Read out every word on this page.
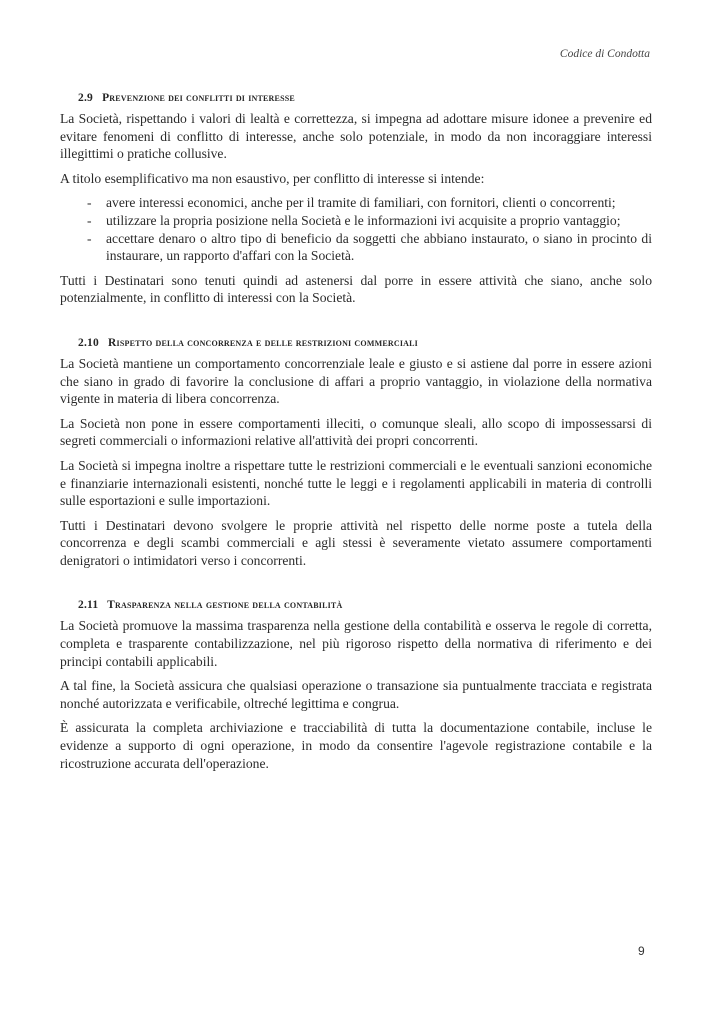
Codice di Condotta
2.9 Prevenzione dei conflitti di interesse

La Società, rispettando i valori di lealtà e correttezza, si impegna ad adottare misure idonee a prevenire ed evitare fenomeni di conflitto di interesse, anche solo potenziale, in modo da non incoraggiare interessi illegittimi o pratiche collusive.

A titolo esemplificativo ma non esaustivo, per conflitto di interesse si intende:

- avere interessi economici, anche per il tramite di familiari, con fornitori, clienti o concorrenti;
- utilizzare la propria posizione nella Società e le informazioni ivi acquisite a proprio vantaggio;
- accettare denaro o altro tipo di beneficio da soggetti che abbiano instaurato, o siano in procinto di instaurare, un rapporto d'affari con la Società.

Tutti i Destinatari sono tenuti quindi ad astenersi dal porre in essere attività che siano, anche solo potenzialmente, in conflitto di interessi con la Società.

2.10 Rispetto della concorrenza e delle restrizioni commerciali

La Società mantiene un comportamento concorrenziale leale e giusto e si astiene dal porre in essere azioni che siano in grado di favorire la conclusione di affari a proprio vantaggio, in violazione della normativa vigente in materia di libera concorrenza.

La Società non pone in essere comportamenti illeciti, o comunque sleali, allo scopo di impossessarsi di segreti commerciali o informazioni relative all'attività dei propri concorrenti.

La Società si impegna inoltre a rispettare tutte le restrizioni commerciali e le eventuali sanzioni economiche e finanziarie internazionali esistenti, nonché tutte le leggi e i regolamenti applicabili in materia di controlli sulle esportazioni e sulle importazioni.

Tutti i Destinatari devono svolgere le proprie attività nel rispetto delle norme poste a tutela della concorrenza e degli scambi commerciali e agli stessi è severamente vietato assumere comportamenti denigratori o intimidatori verso i concorrenti.

2.11 Trasparenza nella gestione della contabilità

La Società promuove la massima trasparenza nella gestione della contabilità e osserva le regole di corretta, completa e trasparente contabilizzazione, nel più rigoroso rispetto della normativa di riferimento e dei principi contabili applicabili.

A tal fine, la Società assicura che qualsiasi operazione o transazione sia puntualmente tracciata e registrata nonché autorizzata e verificabile, oltreché legittima e congrua.

È assicurata la completa archiviazione e tracciabilità di tutta la documentazione contabile, incluse le evidenze a supporto di ogni operazione, in modo da consentire l'agevole registrazione contabile e la ricostruzione accurata dell'operazione.

9
